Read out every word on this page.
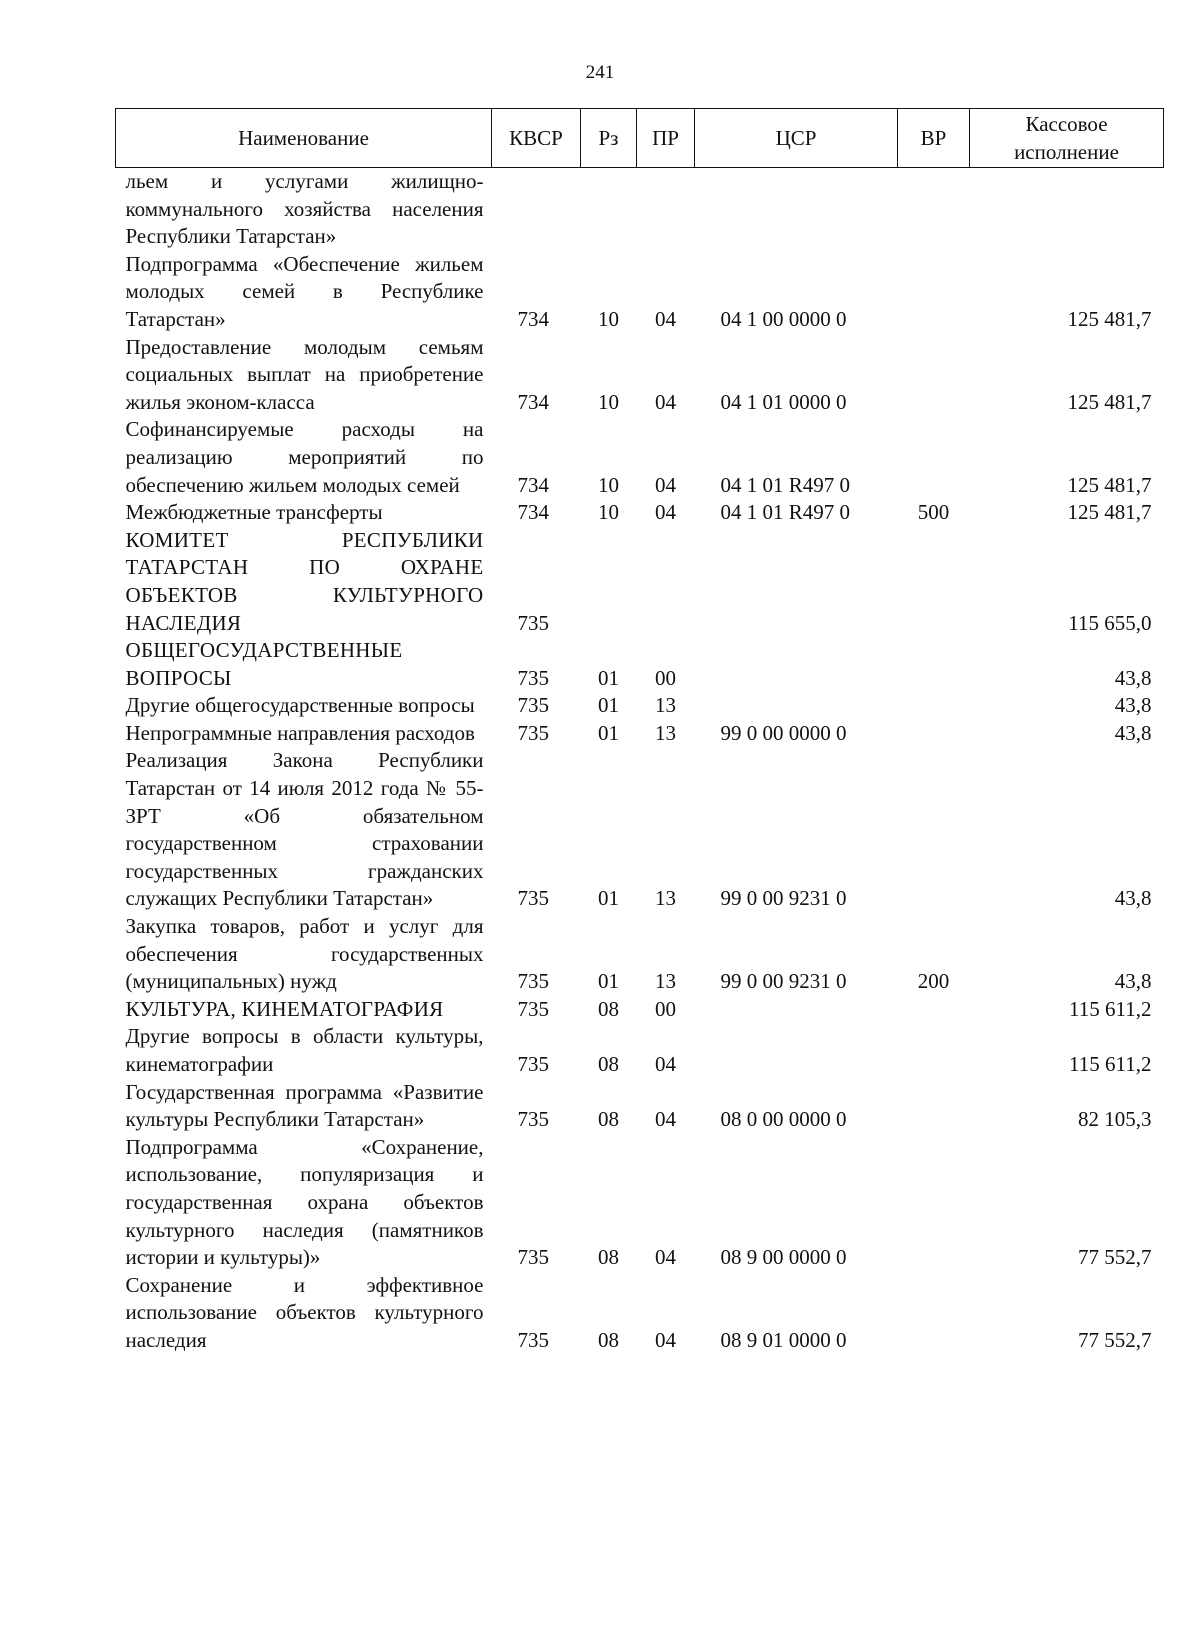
241
Наименование	КВСР	Рз	ПР	ЦСР	ВР	Кассовое исполнение
льем и услугами жилищно-коммунального хозяйства населения Республики Татарстан»						
Подпрограмма «Обеспечение жильем молодых семей в Республике Татарстан»	734	10	04	04 1 00 0000 0		125 481,7
Предоставление молодым семьям социальных выплат на приобретение жилья эконом-класса	734	10	04	04 1 01 0000 0		125 481,7
Софинансируемые расходы на реализацию мероприятий по обеспечению жильем молодых семей	734	10	04	04 1 01 R497 0		125 481,7
Межбюджетные трансферты	734	10	04	04 1 01 R497 0	500	125 481,7
КОМИТЕТ РЕСПУБЛИКИ ТАТАРСТАН ПО ОХРАНЕ ОБЪЕКТОВ КУЛЬТУРНОГО НАСЛЕДИЯ	735					115 655,0
ОБЩЕГОСУДАРСТВЕННЫЕ ВОПРОСЫ	735	01	00			43,8
Другие общегосударственные вопросы	735	01	13			43,8
Непрограммные направления расходов	735	01	13	99 0 00 0000 0		43,8
Реализация Закона Республики Татарстан от 14 июля 2012 года № 55-ЗРТ «Об обязательном государственном страховании государственных гражданских служащих Республики Татарстан»	735	01	13	99 0 00 9231 0		43,8
Закупка товаров, работ и услуг для обеспечения государственных (муниципальных) нужд	735	01	13	99 0 00 9231 0	200	43,8
КУЛЬТУРА, КИНЕМАТОГРАФИЯ	735	08	00			115 611,2
Другие вопросы в области культуры, кинематографии	735	08	04			115 611,2
Государственная программа «Развитие культуры Республики Татарстан»	735	08	04	08 0 00 0000 0		82 105,3
Подпрограмма «Сохранение, использование, популяризация и государственная охрана объектов культурного наследия (памятников истории и культуры)»	735	08	04	08 9 00 0000 0		77 552,7
Сохранение и эффективное использование объектов культурного наследия	735	08	04	08 9 01 0000 0		77 552,7
